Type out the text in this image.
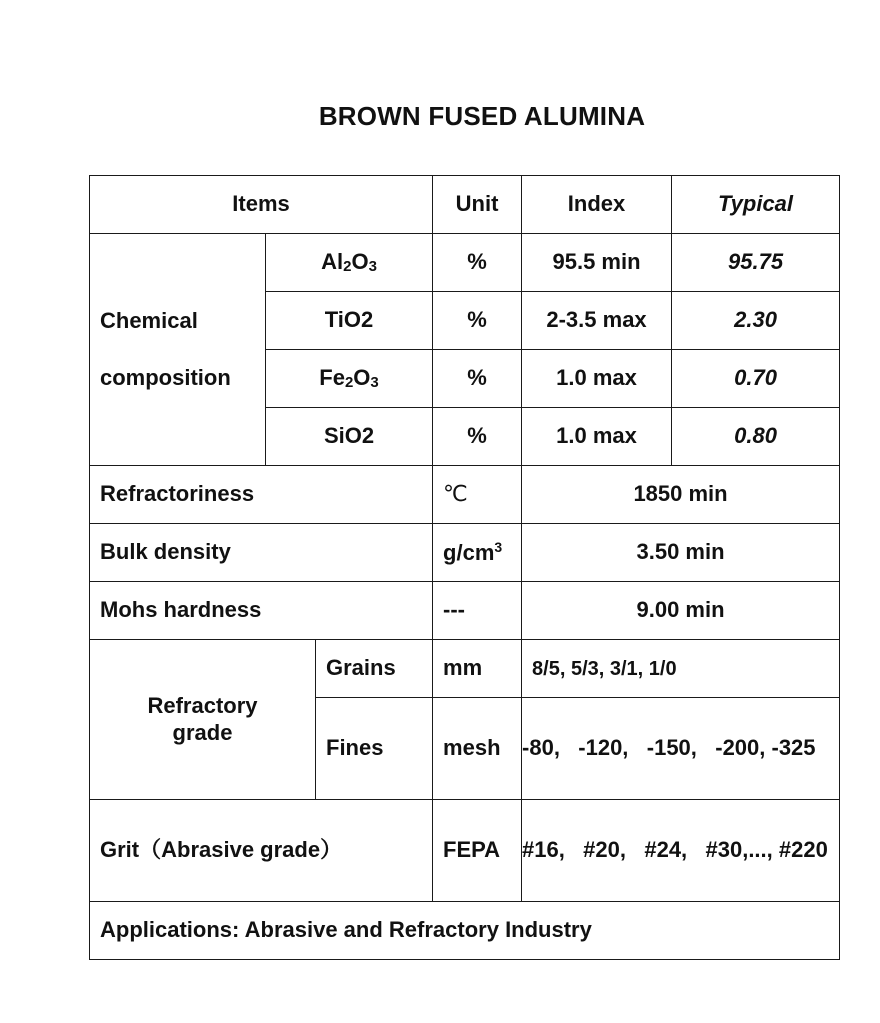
BROWN FUSED ALUMINA
Items			Unit	Index	Typical

Chemical
composition	Al2O3		%	95.5 min	95.75
	TiO2		%	2-3.5 max	2.30
	Fe2O3		%	1.0 max	0.70
	SiO2		%	1.0 max	0.80
Refractoriness			℃	1850 min	
Bulk density			$g/cm^3$	3.50 min	
Mohs hardness			---	9.00 min	

Refractory
grade		Grains	mm	8/5, 5/3, 3/1, 1/0	
		Fines	mesh	-80,   -120,   -150,   -200, -325	
Grit（Abrasive grade）			FEPA	#16,   #20,   #24,   #30,..., #220	
Applications: Abrasive and Refractory Industry					
